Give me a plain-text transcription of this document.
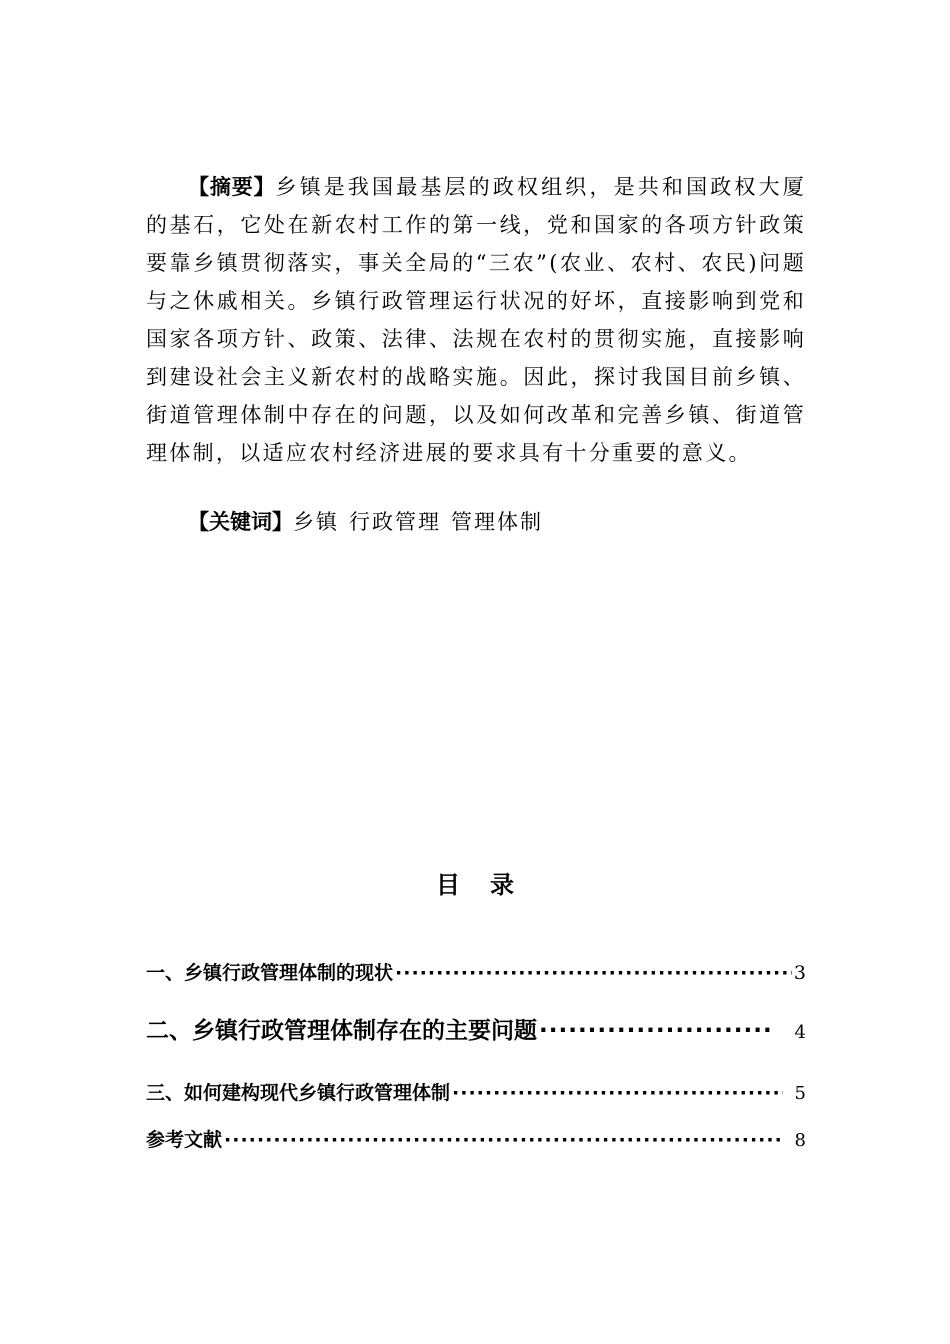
【摘要】乡镇是我国最基层的政权组织，是共和国政权大厦的基石，它处在新农村工作的第一线，党和国家的各项方针政策要靠乡镇贯彻落实，事关全局的“三农”(农业、农村、农民)问题与之休戚相关。乡镇行政管理运行状况的好坏，直接影响到党和国家各项方针、政策、法律、法规在农村的贯彻实施，直接影响到建设社会主义新农村的战略实施。因此，探讨我国目前乡镇、街道管理体制中存在的问题，以及如何改革和完善乡镇、街道管理体制，以适应农村经济进展的要求具有十分重要的意义。

【关键词】乡镇 行政管理 管理体制

目录
一、乡镇行政管理体制的现状 ·····	3
二、乡镇行政管理体制存在的主要问题 ·····	4
三、如何建构现代乡镇行政管理体制 ·····	5
参考文献 ·····	8
